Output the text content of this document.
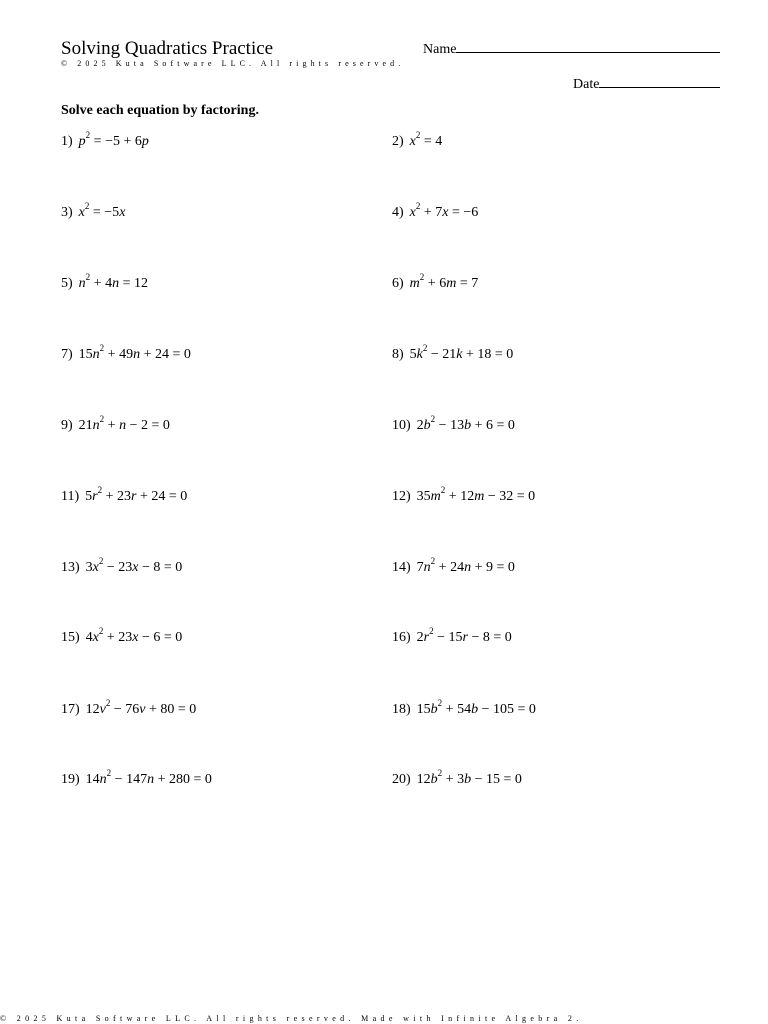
Solving Quadratics Practice
© 2025 Kuta Software LLC. All rights reserved.
Name
Date
Solve each equation by factoring.
1) $p^2 = -5 + 6p$	2) $x^2 = 4$
3) $x^2 = -5x$	4) $x^2 + 7x = -6$
5) $n^2 + 4n = 12$	6) $m^2 + 6m = 7$
7) $15n^2 + 49n + 24 = 0$	8) $5k^2 - 21k + 18 = 0$
9) $21n^2 + n - 2 = 0$	10) $2b^2 - 13b + 6 = 0$
11) $5r^2 + 23r + 24 = 0$	12) $35m^2 + 12m - 32 = 0$
13) $3x^2 - 23x - 8 = 0$	14) $7n^2 + 24n + 9 = 0$
15) $4x^2 + 23x - 6 = 0$	16) $2r^2 - 15r - 8 = 0$
17) $12v^2 - 76v + 80 = 0$	18) $15b^2 + 54b - 105 = 0$
19) $14n^2 - 147n + 280 = 0$	20) $12b^2 + 3b - 15 = 0$
© 2025 Kuta Software LLC. All rights reserved. Made with Infinite Algebra 2.
